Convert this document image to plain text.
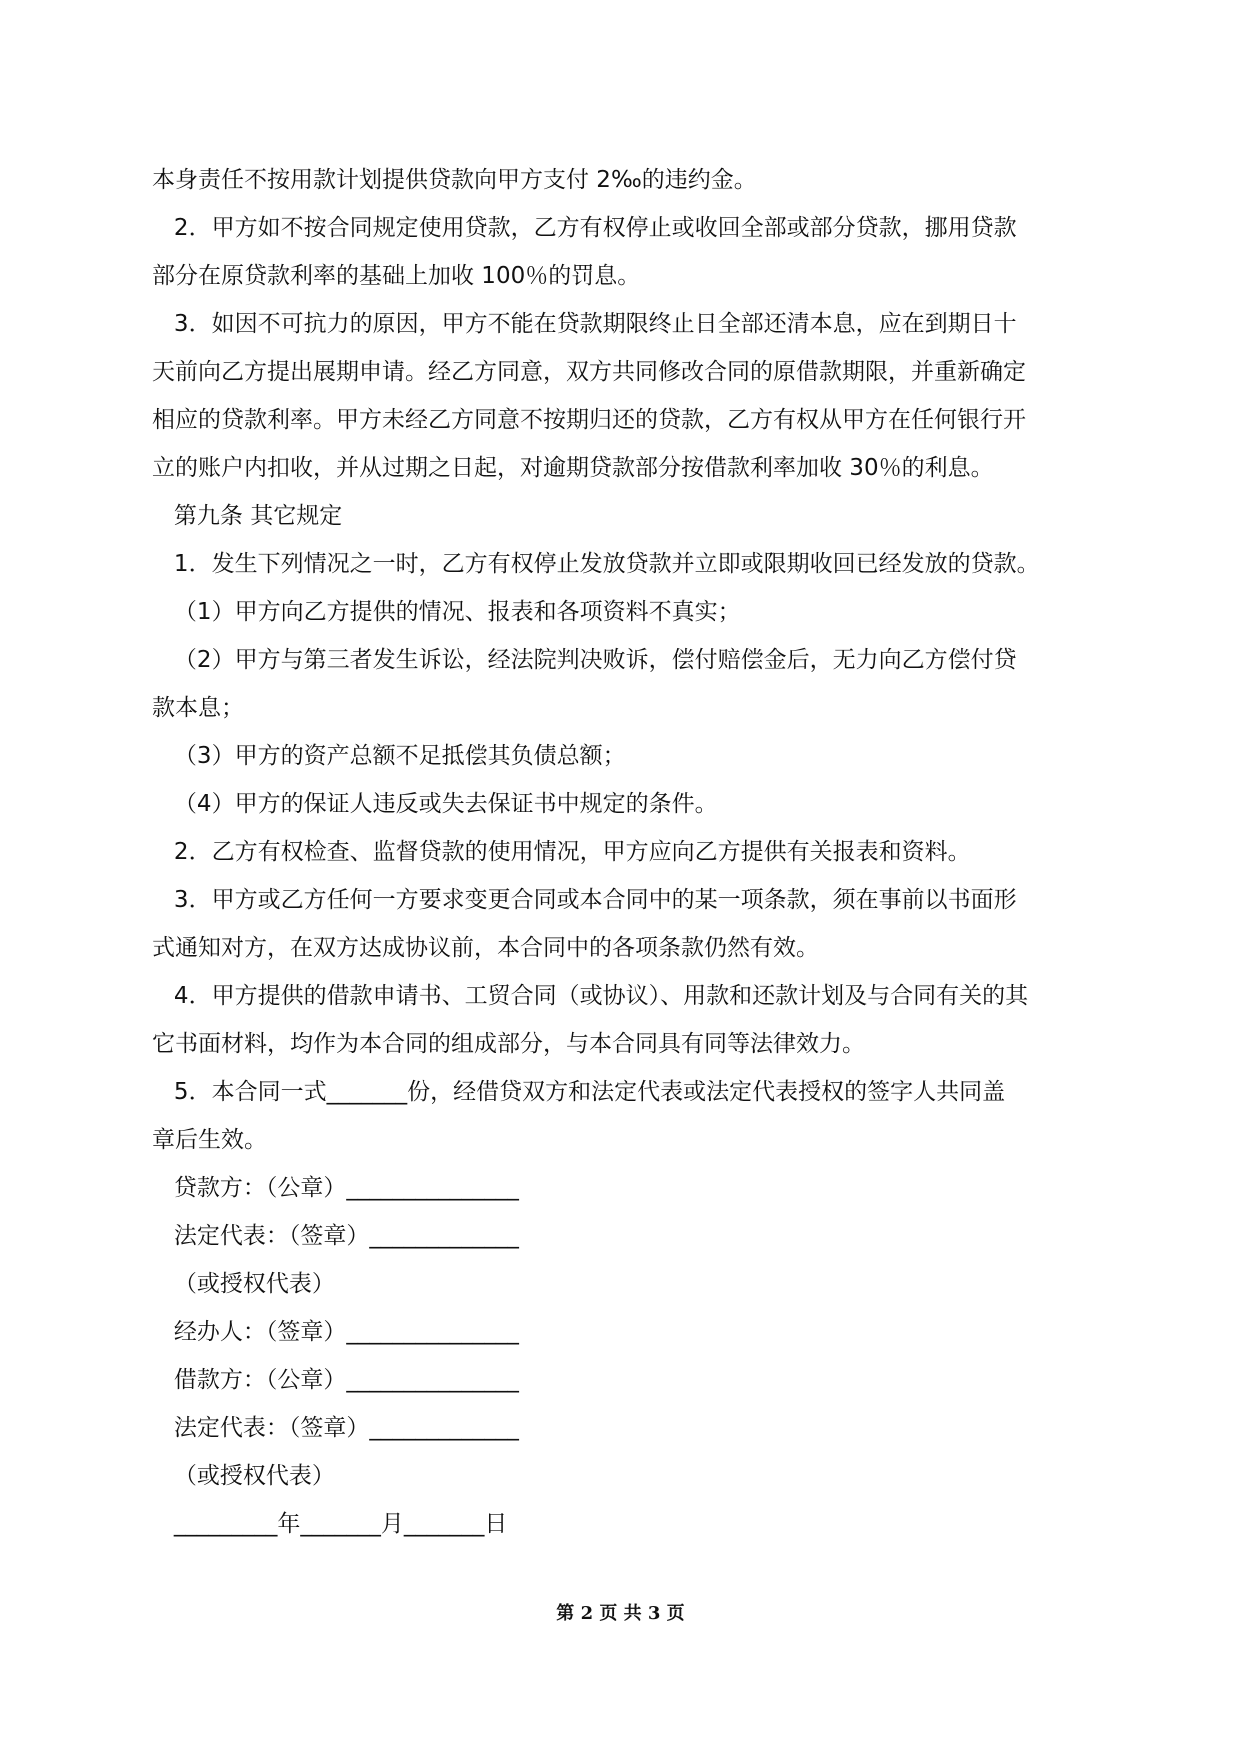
本身责任不按用款计划提供贷款向甲方支付 2‰的违约金。
2．甲方如不按合同规定使用贷款，乙方有权停止或收回全部或部分贷款，挪用贷款
部分在原贷款利率的基础上加收 100％的罚息。
3．如因不可抗力的原因，甲方不能在贷款期限终止日全部还清本息，应在到期日十
天前向乙方提出展期申请。经乙方同意，双方共同修改合同的原借款期限，并重新确定
相应的贷款利率。甲方未经乙方同意不按期归还的贷款，乙方有权从甲方在任何银行开
立的账户内扣收，并从过期之日起，对逾期贷款部分按借款利率加收 30％的利息。
第九条 其它规定
1．发生下列情况之一时，乙方有权停止发放贷款并立即或限期收回已经发放的贷款。
（1）甲方向乙方提供的情况、报表和各项资料不真实；
（2）甲方与第三者发生诉讼，经法院判决败诉，偿付赔偿金后，无力向乙方偿付贷
款本息；
（3）甲方的资产总额不足抵偿其负债总额；
（4）甲方的保证人违反或失去保证书中规定的条件。
2．乙方有权检查、监督贷款的使用情况，甲方应向乙方提供有关报表和资料。
3．甲方或乙方任何一方要求变更合同或本合同中的某一项条款，须在事前以书面形
式通知对方，在双方达成协议前，本合同中的各项条款仍然有效。
4．甲方提供的借款申请书、工贸合同（或协议）、用款和还款计划及与合同有关的其
它书面材料，均作为本合同的组成部分，与本合同具有同等法律效力。
5．本合同一式_______份，经借贷双方和法定代表或法定代表授权的签字人共同盖
章后生效。
贷款方：（公章）_______________
法定代表：（签章）_____________
（或授权代表）
经办人：（签章）_______________
借款方：（公章）_______________
法定代表：（签章）_____________
（或授权代表）
_________年_______月_______日
第 2 页 共 3 页
